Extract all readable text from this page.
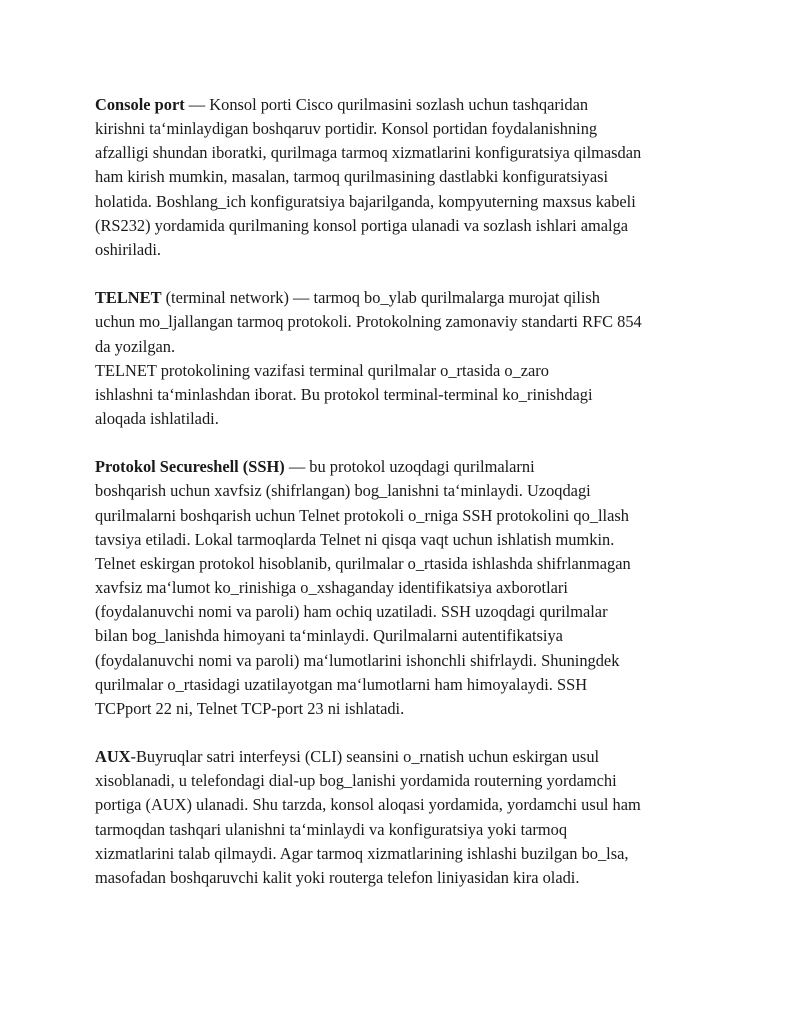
Console port — Konsol porti Cisco qurilmasini sozlash uchun tashqaridan
kirishni ta‘minlaydigan boshqaruv portidir. Konsol portidan foydalanishning
afzalligi shundan iboratki, qurilmaga tarmoq xizmatlarini konfiguratsiya qilmasdan
ham kirish mumkin, masalan, tarmoq qurilmasining dastlabki konfiguratsiyasi
holatida. Boshlang_ich konfiguratsiya bajarilganda, kompyuterning maxsus kabeli
(RS232) yordamida qurilmaning konsol portiga ulanadi va sozlash ishlari amalga
oshiriladi.
TELNET (terminal network) — tarmoq bo_ylab qurilmalarga murojat qilish
uchun mo_ljallangan tarmoq protokoli. Protokolning zamonaviy standarti RFC 854
da yozilgan.
TELNET protokolining vazifasi terminal qurilmalar o_rtasida o_zaro
ishlashni ta‘minlashdan iborat. Bu protokol terminal-terminal ko_rinishdagi
aloqada ishlatiladi.
Protokol Secureshell (SSH) — bu protokol uzoqdagi qurilmalarni
boshqarish uchun xavfsiz (shifrlangan) bog_lanishni ta‘minlaydi. Uzoqdagi
qurilmalarni boshqarish uchun Telnet protokoli o_rniga SSH protokolini qo_llash
tavsiya etiladi. Lokal tarmoqlarda Telnet ni qisqa vaqt uchun ishlatish mumkin.
Telnet eskirgan protokol hisoblanib, qurilmalar o_rtasida ishlashda shifrlanmagan
xavfsiz ma‘lumot ko_rinishiga o_xshaganday identifikatsiya axborotlari
(foydalanuvchi nomi va paroli) ham ochiq uzatiladi. SSH uzoqdagi qurilmalar
bilan bog_lanishda himoyani ta‘minlaydi. Qurilmalarni autentifikatsiya
(foydalanuvchi nomi va paroli) ma‘lumotlarini ishonchli shifrlaydi. Shuningdek
qurilmalar o_rtasidagi uzatilayotgan ma‘lumotlarni ham himoyalaydi. SSH
TCPport 22 ni, Telnet TCP-port 23 ni ishlatadi.
AUX-Buyruqlar satri interfeysi (CLI) seansini o_rnatish uchun eskirgan usul
xisoblanadi, u telefondagi dial-up bog_lanishi yordamida routerning yordamchi
portiga (AUX) ulanadi. Shu tarzda, konsol aloqasi yordamida, yordamchi usul ham
tarmoqdan tashqari ulanishni ta‘minlaydi va konfiguratsiya yoki tarmoq
xizmatlarini talab qilmaydi. Agar tarmoq xizmatlarining ishlashi buzilgan bo_lsa,
masofadan boshqaruvchi kalit yoki routerga telefon liniyasidan kira oladi.
